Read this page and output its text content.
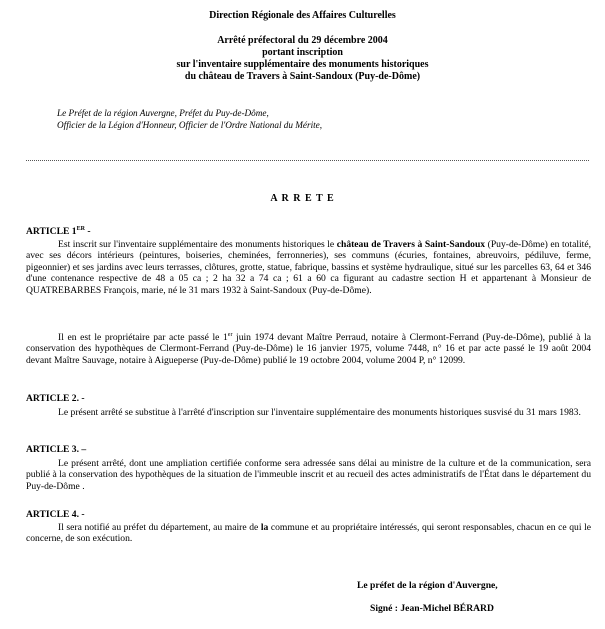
Direction Régionale des Affaires Culturelles
Arrêté préfectoral du 29 décembre 2004
portant inscription
sur l'inventaire supplémentaire des monuments historiques
du château de Travers à Saint-Sandoux (Puy-de-Dôme)
Le Préfet de la région Auvergne, Préfet du Puy-de-Dôme,
Officier de la Légion d'Honneur, Officier de l'Ordre National du Mérite,
A R R E T E
ARTICLE 1ER -
Est inscrit sur l'inventaire supplémentaire des monuments historiques le château de Travers à Saint-Sandoux (Puy-de-Dôme) en totalité, avec ses décors intérieurs (peintures, boiseries, cheminées, ferronneries), ses communs (écuries, fontaines, abreuvoirs, pédiluve, ferme, pigeonnier) et ses jardins avec leurs terrasses, clôtures, grotte, statue, fabrique, bassins et système hydraulique, situé sur les parcelles 63, 64 et 346 d'une contenance respective de 48 a 05 ca ; 2 ha 32 a 74 ca ; 61 a 60 ca figurant au cadastre section H et appartenant à Monsieur de QUATREBARBES François, marie, né le 31 mars 1932 à Saint-Sandoux (Puy-de-Dôme).
Il en est le propriétaire par acte passé le 1er juin 1974 devant Maître Perraud, notaire à Clermont-Ferrand (Puy-de-Dôme), publié à la conservation des hypothèques de Clermont-Ferrand (Puy-de-Dôme) le 16 janvier 1975, volume 7448, n° 16 et par acte passé le 19 août 2004 devant Maître Sauvage, notaire à Aigueperse (Puy-de-Dôme) publié le 19 octobre 2004, volume 2004 P, n° 12099.
ARTICLE 2. -
Le présent arrêté se substitue à l'arrêté d'inscription sur l'inventaire supplémentaire des monuments historiques susvisé du 31 mars 1983.
ARTICLE 3. –
Le présent arrêté, dont une ampliation certifiée conforme sera adressée sans délai au ministre de la culture et de la communication, sera publié à la conservation des hypothèques de la situation de l'immeuble inscrit et au recueil des actes administratifs de l'État dans le département du Puy-de-Dôme .
ARTICLE 4. -
Il sera notifié au préfet du département, au maire de la commune et au propriétaire intéressés, qui seront responsables, chacun en ce qui le concerne, de son exécution.
Le préfet de la région d'Auvergne,
Signé : Jean-Michel BÉRARD
